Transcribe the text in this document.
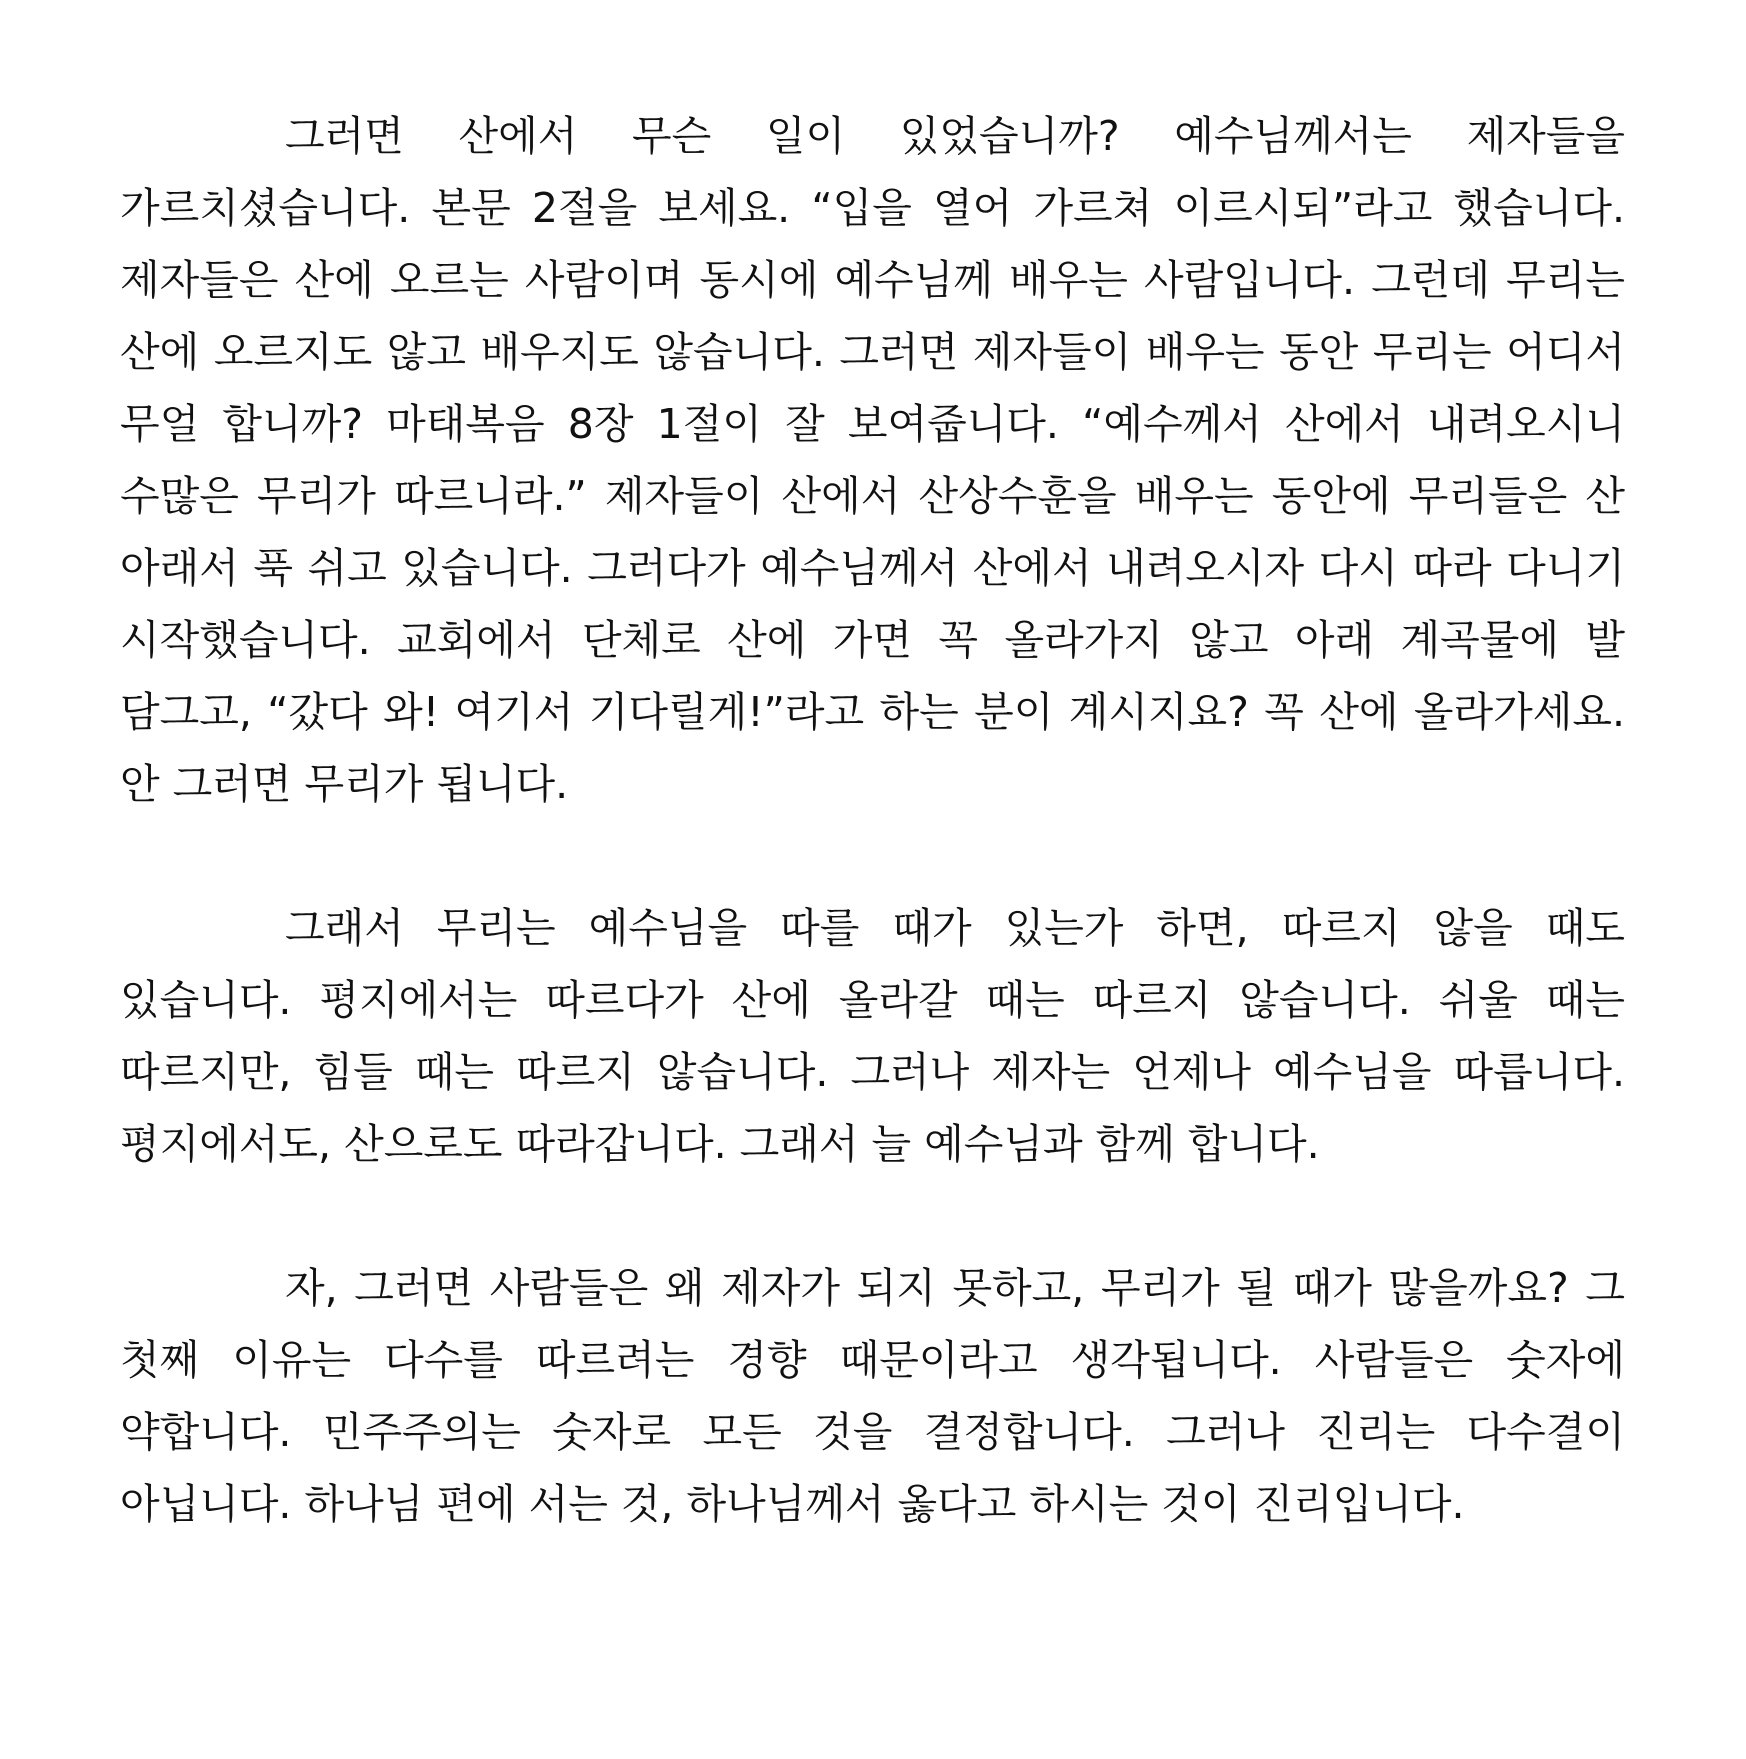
그러면 산에서 무슨 일이 있었습니까? 예수님께서는 제자들을 가르치셨습니다. 본문 2절을 보세요. “입을 열어 가르쳐 이르시되”라고 했습니다. 제자들은 산에 오르는 사람이며 동시에 예수님께 배우는 사람입니다. 그런데 무리는 산에 오르지도 않고 배우지도 않습니다. 그러면 제자들이 배우는 동안 무리는 어디서 무얼 합니까? 마태복음 8장 1절이 잘 보여줍니다. “예수께서 산에서 내려오시니 수많은 무리가 따르니라.” 제자들이 산에서 산상수훈을 배우는 동안에 무리들은 산 아래서 푹 쉬고 있습니다. 그러다가 예수님께서 산에서 내려오시자 다시 따라 다니기 시작했습니다. 교회에서 단체로 산에 가면 꼭 올라가지 않고 아래 계곡물에 발 담그고, “갔다 와! 여기서 기다릴게!”라고 하는 분이 계시지요? 꼭 산에 올라가세요. 안 그러면 무리가 됩니다.

그래서 무리는 예수님을 따를 때가 있는가 하면, 따르지 않을 때도 있습니다. 평지에서는 따르다가 산에 올라갈 때는 따르지 않습니다. 쉬울 때는 따르지만, 힘들 때는 따르지 않습니다. 그러나 제자는 언제나 예수님을 따릅니다. 평지에서도, 산으로도 따라갑니다. 그래서 늘 예수님과 함께 합니다.

자, 그러면 사람들은 왜 제자가 되지 못하고, 무리가 될 때가 많을까요? 그 첫째 이유는 다수를 따르려는 경향 때문이라고 생각됩니다. 사람들은 숫자에 약합니다. 민주주의는 숫자로 모든 것을 결정합니다. 그러나 진리는 다수결이 아닙니다. 하나님 편에 서는 것, 하나님께서 옳다고 하시는 것이 진리입니다.
